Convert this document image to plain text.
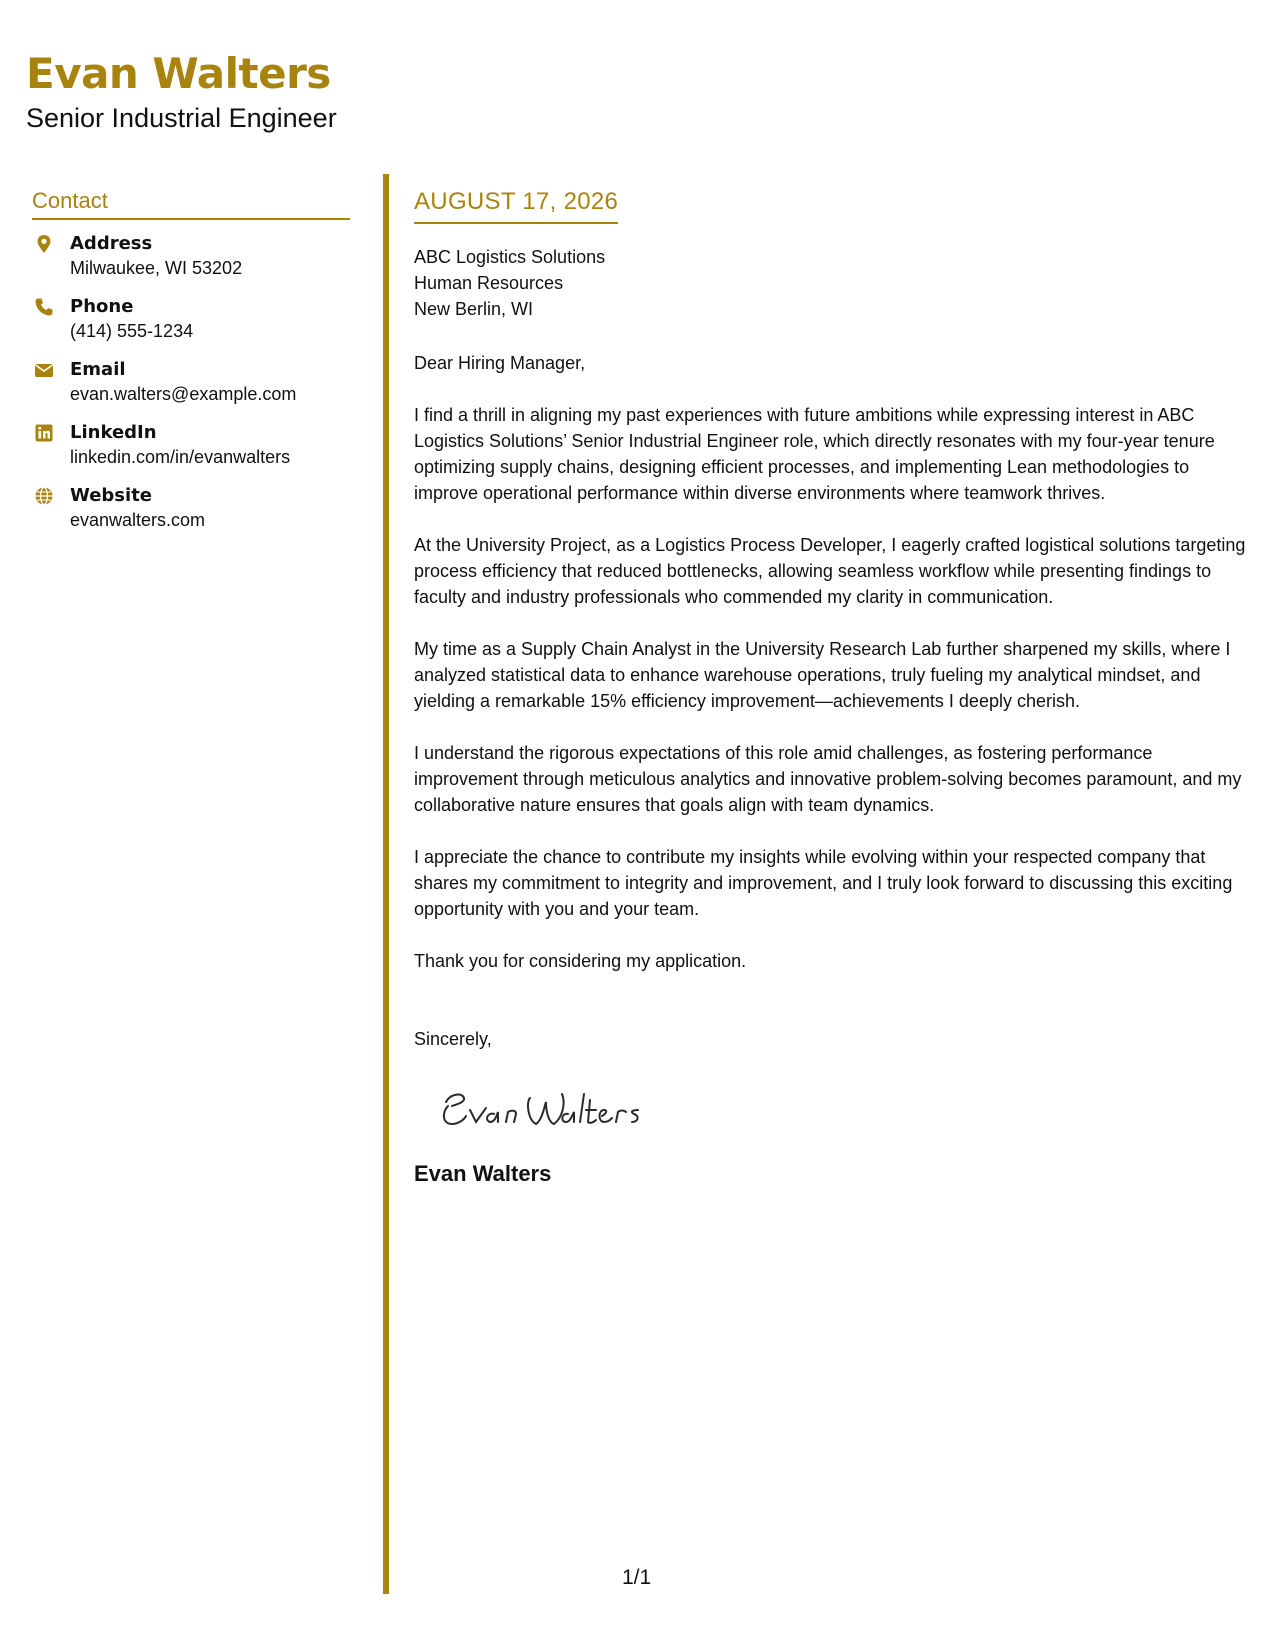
Evan Walters
Senior Industrial Engineer
Contact
Address
Milwaukee, WI 53202
Phone
(414) 555-1234
Email
evan.walters@example.com
LinkedIn
linkedin.com/in/evanwalters
Website
evanwalters.com
AUGUST 17, 2026
ABC Logistics Solutions
Human Resources
New Berlin, WI
Dear Hiring Manager,
I find a thrill in aligning my past experiences with future ambitions while expressing interest in ABC Logistics Solutions’ Senior Industrial Engineer role, which directly resonates with my four-year tenure optimizing supply chains, designing efficient processes, and implementing Lean methodologies to improve operational performance within diverse environments where teamwork thrives.
At the University Project, as a Logistics Process Developer, I eagerly crafted logistical solutions targeting process efficiency that reduced bottlenecks, allowing seamless workflow while presenting findings to faculty and industry professionals who commended my clarity in communication.
My time as a Supply Chain Analyst in the University Research Lab further sharpened my skills, where I analyzed statistical data to enhance warehouse operations, truly fueling my analytical mindset, and yielding a remarkable 15% efficiency improvement—achievements I deeply cherish.
I understand the rigorous expectations of this role amid challenges, as fostering performance improvement through meticulous analytics and innovative problem-solving becomes paramount, and my collaborative nature ensures that goals align with team dynamics.
I appreciate the chance to contribute my insights while evolving within your respected company that shares my commitment to integrity and improvement, and I truly look forward to discussing this exciting opportunity with you and your team.
Thank you for considering my application.
Sincerely,
Evan Walters
1/1
